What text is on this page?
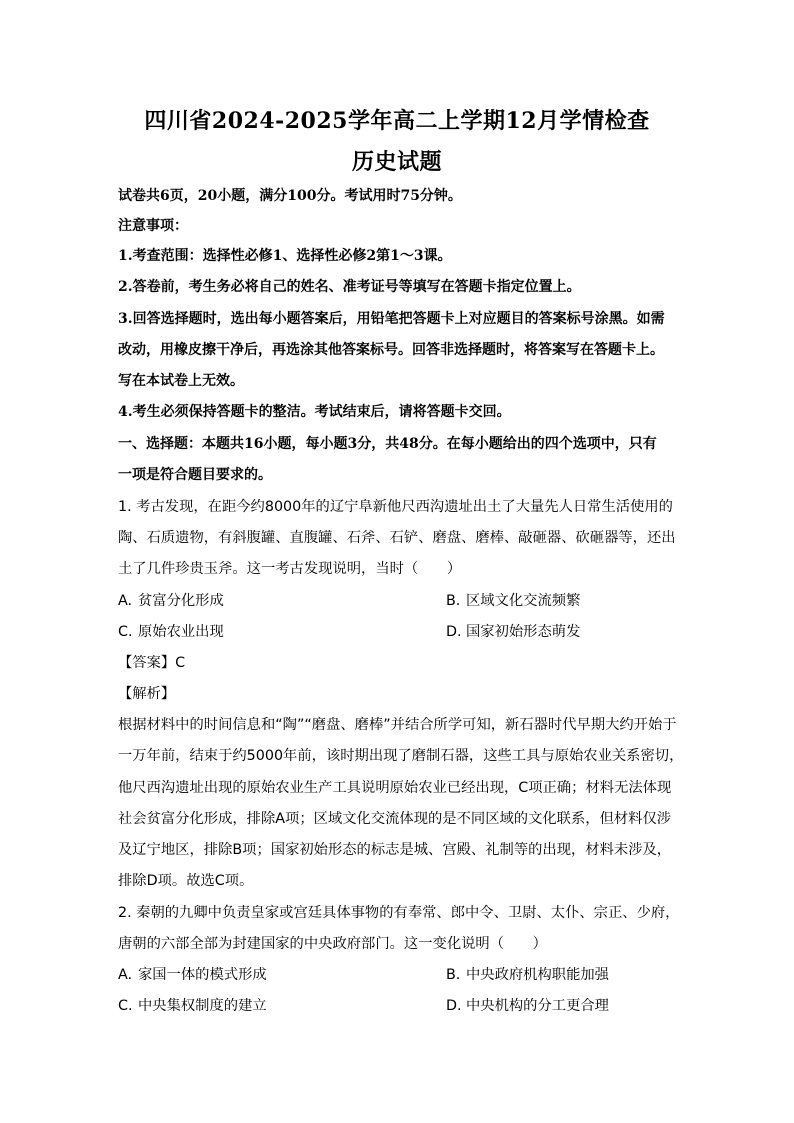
四川省2024-2025学年高二上学期12月学情检查
历史试题
试卷共6页，20小题，满分100分。考试用时75分钟。
注意事项：
1.考查范围：选择性必修1、选择性必修2第1～3课。
2.答卷前，考生务必将自己的姓名、准考证号等填写在答题卡指定位置上。
3.回答选择题时，选出每小题答案后，用铅笔把答题卡上对应题目的答案标号涂黑。如需
改动，用橡皮擦干净后，再选涂其他答案标号。回答非选择题时，将答案写在答题卡上。
写在本试卷上无效。
4.考生必须保持答题卡的整洁。考试结束后，请将答题卡交回。
一、选择题：本题共16小题，每小题3分，共48分。在每小题给出的四个选项中，只有
一项是符合题目要求的。
1. 考古发现，在距今约8000年的辽宁阜新他尺西沟遗址出土了大量先人日常生活使用的
陶、石质遗物，有斜腹罐、直腹罐、石斧、石铲、磨盘、磨棒、敲砸器、砍砸器等，还出
土了几件珍贵玉斧。这一考古发现说明，当时（　　）
A. 贫富分化形成	B. 区域文化交流频繁
C. 原始农业出现	D. 国家初始形态萌发
【答案】C
【解析】
根据材料中的时间信息和“陶”“磨盘、磨棒”并结合所学可知，新石器时代早期大约开始于
一万年前，结束于约5000年前，该时期出现了磨制石器，这些工具与原始农业关系密切，
他尺西沟遗址出现的原始农业生产工具说明原始农业已经出现，C项正确；材料无法体现
社会贫富分化形成，排除A项；区域文化交流体现的是不同区域的文化联系，但材料仅涉
及辽宁地区，排除B项；国家初始形态的标志是城、宫殿、礼制等的出现，材料未涉及，
排除D项。故选C项。
2. 秦朝的九卿中负责皇家或宫廷具体事物的有奉常、郎中令、卫尉、太仆、宗正、少府，
唐朝的六部全部为封建国家的中央政府部门。这一变化说明（　　）
A. 家国一体的模式形成	B. 中央政府机构职能加强
C. 中央集权制度的建立	D. 中央机构的分工更合理
